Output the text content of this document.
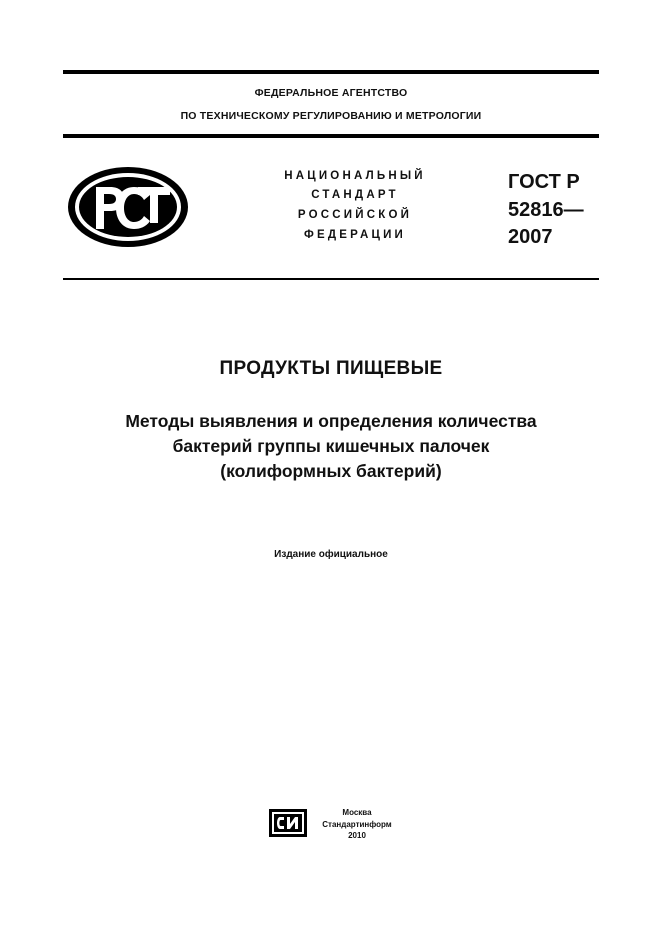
ФЕДЕРАЛЬНОЕ АГЕНТСТВО
ПО ТЕХНИЧЕСКОМУ РЕГУЛИРОВАНИЮ И МЕТРОЛОГИИ
НАЦИОНАЛЬНЫЙ
СТАНДАРТ
РОССИЙСКОЙ
ФЕДЕРАЦИИ
ГОСТ Р
52816—
2007
ПРОДУКТЫ ПИЩЕВЫЕ
Методы выявления и определения количества
бактерий группы кишечных палочек
(колиформных бактерий)
Издание официальное
Москва
Стандартинформ
2010
